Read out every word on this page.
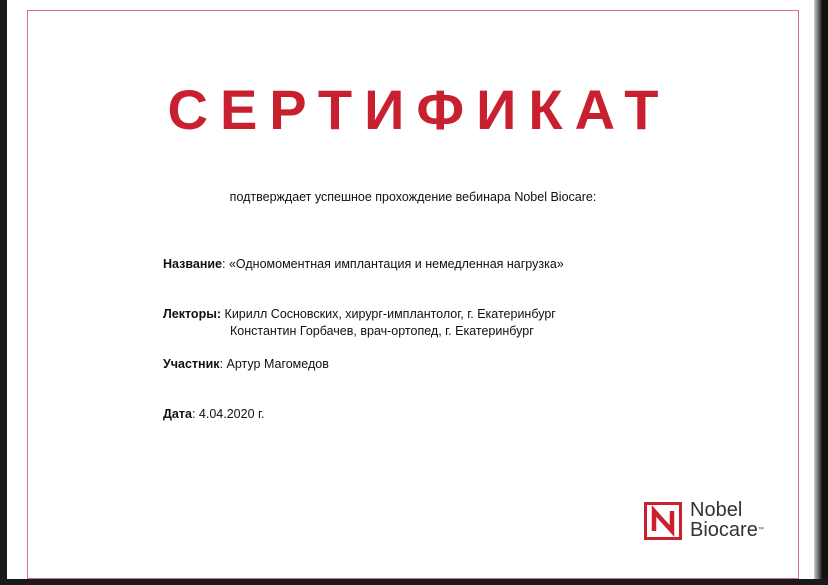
СЕРТИФИКАТ
подтверждает успешное прохождение вебинара Nobel Biocare:
Название: «Одномоментная имплантация и немедленная нагрузка»
Лекторы: Кирилл Сосновских, хирург-имплантолог, г. Екатеринбург
Константин Горбачев, врач-ортопед, г. Екатеринбург
Участник: Артур Магомедов
Дата: 4.04.2020 г.
Nobel
Biocare™
